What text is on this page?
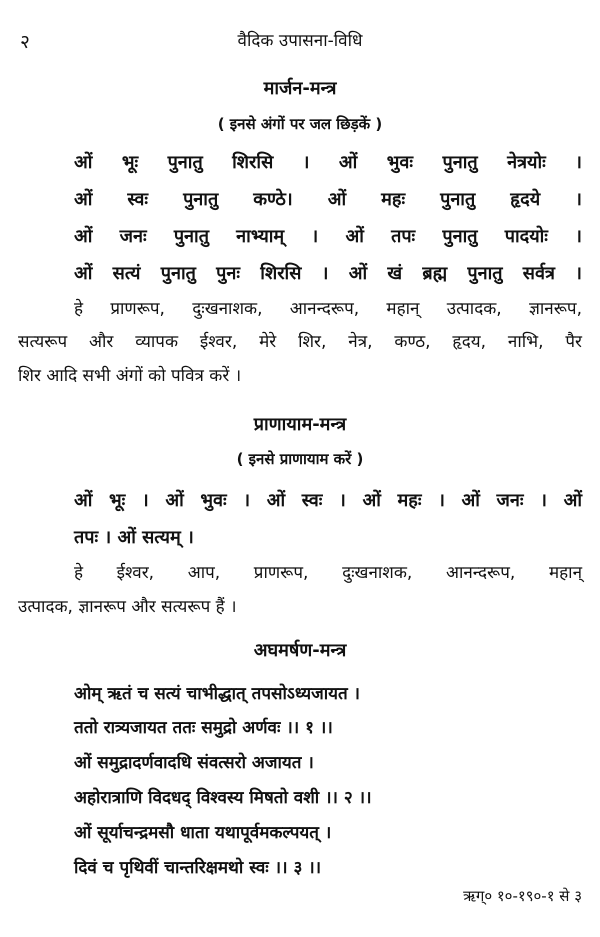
२	वैदिक उपासना-विधि
मार्जन-मन्त्र
( इनसे अंगों पर जल छिड़कें )
ओं भूः पुनातु शिरसि । ओं भुवः पुनातु नेत्रयोः ।
ओं स्वः पुनातु कण्ठे। ओं महः पुनातु हृदये ।
ओं जनः पुनातु नाभ्याम् । ओं तपः पुनातु पादयोः ।
ओं सत्यं पुनातु पुनः शिरसि । ओं खं ब्रह्म पुनातु सर्वत्र ।
हे प्राणरूप, दुःखनाशक, आनन्दरूप, महान् उत्पादक, ज्ञानरूप,
सत्यरूप और व्यापक ईश्वर, मेरे शिर, नेत्र, कण्ठ, हृदय, नाभि, पैर
शिर आदि सभी अंगों को पवित्र करें ।
प्राणायाम-मन्त्र
( इनसे प्राणायाम करें )
ओं भूः । ओं भुवः । ओं स्वः । ओं महः । ओं जनः । ओं
तपः । ओं सत्यम् ।
हे ईश्वर, आप, प्राणरूप, दुःखनाशक, आनन्दरूप, महान्
उत्पादक, ज्ञानरूप और सत्यरूप हैं ।
अघमर्षण-मन्त्र
ओम् ऋतं च सत्यं चाभीद्धात् तपसोऽध्यजायत ।
ततो रात्र्यजायत ततः समुद्रो अर्णवः ।। १ ।।
ओं समुद्रादर्णवादधि संवत्सरो अजायत ।
अहोरात्राणि विदधद् विश्वस्य मिषतो वशी ।। २ ।।
ओं सूर्याचन्द्रमसौ धाता यथापूर्वमकल्पयत् ।
दिवं च पृथिवीं चान्तरिक्षमथो स्वः ।। ३ ।।
ऋग्० १०-१९०-१ से ३
